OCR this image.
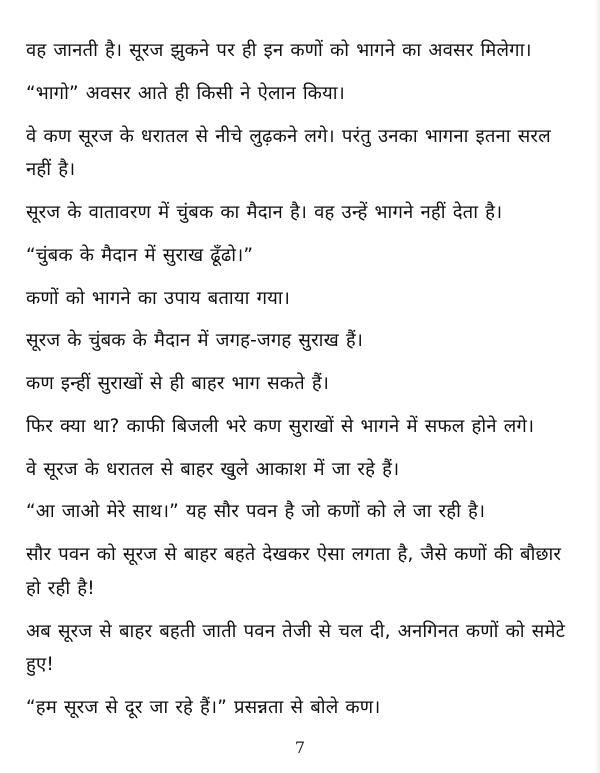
वह जानती है। सूरज झुकने पर ही इन कणों को भागने का अवसर मिलेगा।

“भागो” अवसर आते ही किसी ने ऐलान किया।

वे कण सूरज के धरातल से नीचे लुढ़कने लगे। परंतु उनका भागना इतना सरल नहीं है।

सूरज के वातावरण में चुंबक का मैदान है। वह उन्हें भागने नहीं देता है।

“चुंबक के मैदान में सुराख ढूँढो।”

कणों को भागने का उपाय बताया गया।

सूरज के चुंबक के मैदान में जगह-जगह सुराख हैं।

कण इन्हीं सुराखों से ही बाहर भाग सकते हैं।

फिर क्या था? काफी बिजली भरे कण सुराखों से भागने में सफल होने लगे।

वे सूरज के धरातल से बाहर खुले आकाश में जा रहे हैं।

“आ जाओ मेरे साथ।” यह सौर पवन है जो कणों को ले जा रही है।

सौर पवन को सूरज से बाहर बहते देखकर ऐसा लगता है, जैसे कणों की बौछार हो रही है!

अब सूरज से बाहर बहती जाती पवन तेजी से चल दी, अनगिनत कणों को समेटे हुए!

“हम सूरज से दूर जा रहे हैं।” प्रसन्नता से बोले कण।

7
